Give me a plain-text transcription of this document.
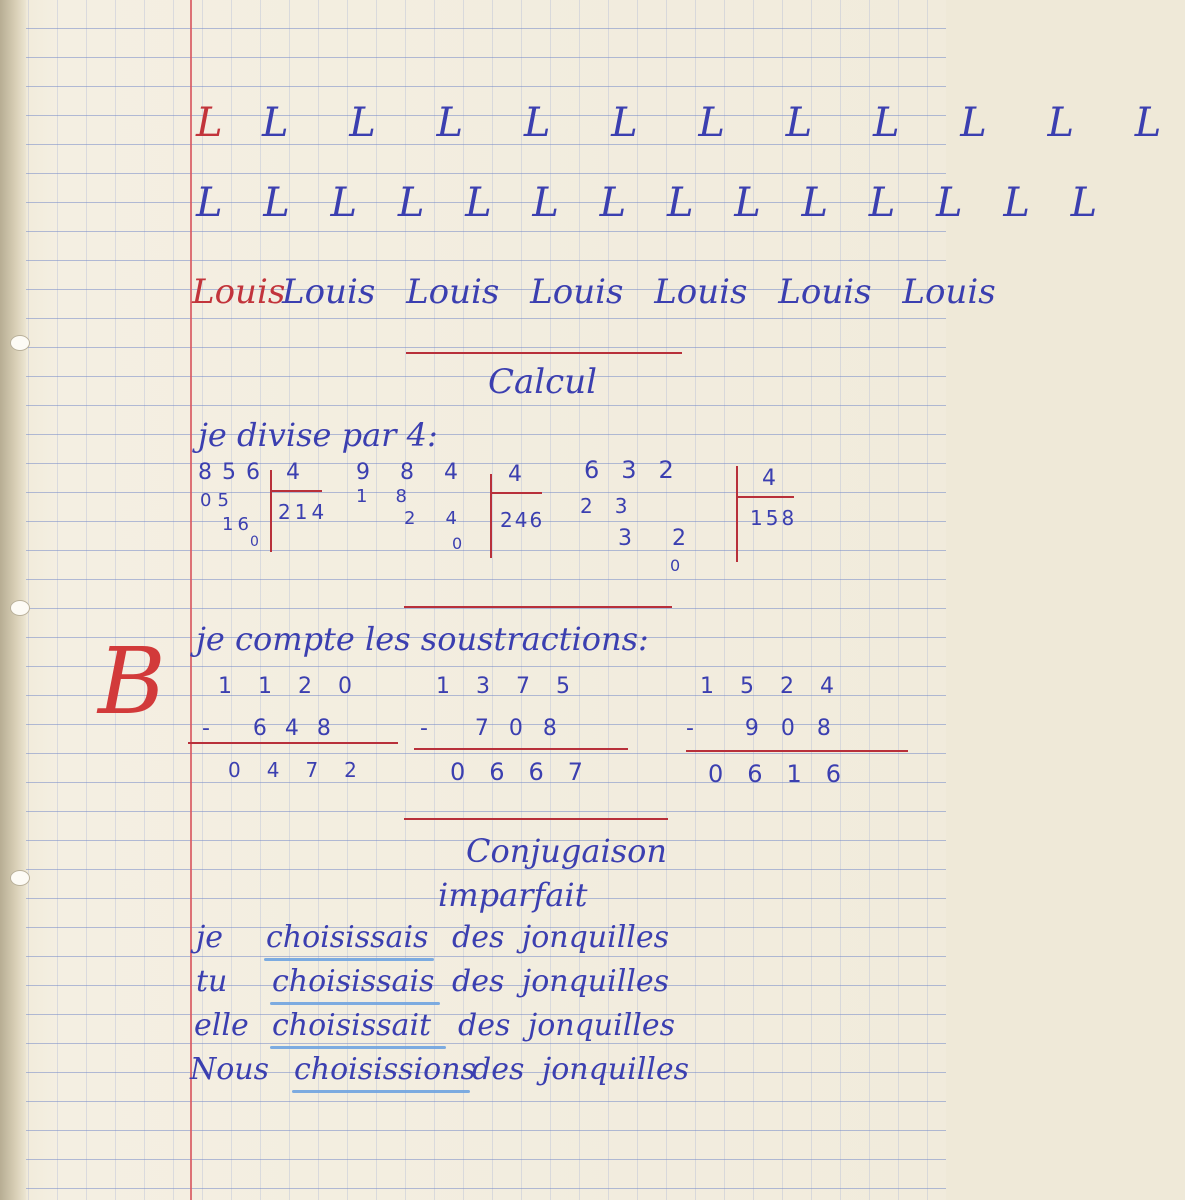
L L L L L L L L L L L L
L L L L L L L L L L L L L L
Louis
Louis Louis Louis Louis Louis Louis
Calcul
je divise par 4:
856 4
214
05
16
0
984 4
246
18
24
0
632	4
158
23
32
0
je compte les soustractions:
B 1120
- 648
0472
1375
- 708
0667
1524
- 908
0616
Conjugaison
imparfait
je choisissais des jonquilles
tu choisissais des jonquilles
elle choisissait des jonquilles
Nous choisissions
des jonquilles
